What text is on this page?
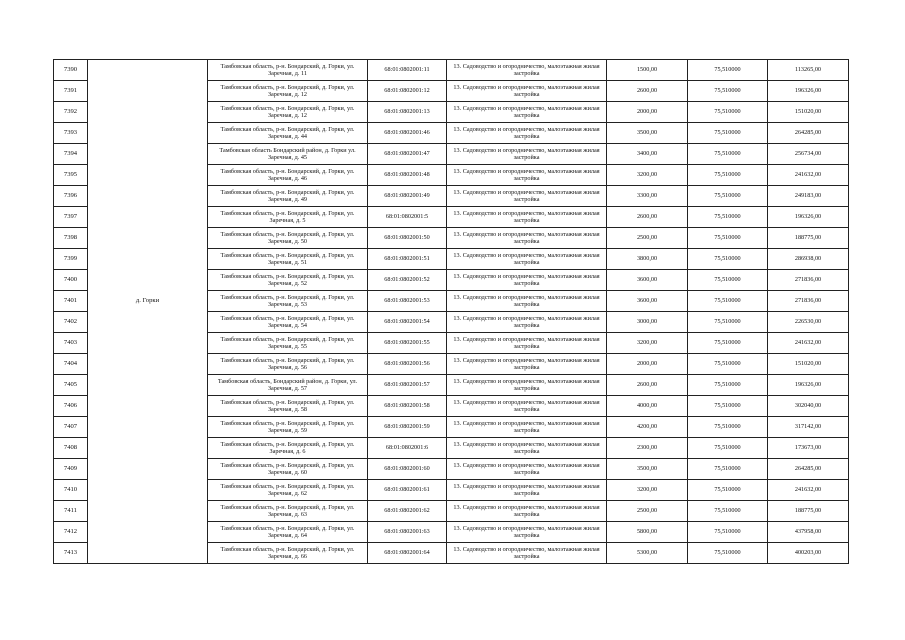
7390		Тамбовская область, р-н. Бондарский, д. Горки, ул. Заречная, д. 11	68:01:0802001:11	13. Садоводство и огородничество, малоэтажная жилая застройка	1500,00	75,510000	113265,00
7391		Тамбовская область, р-н. Бондарский, д. Горки, ул. Заречная, д. 12	68:01:0802001:12	13. Садоводство и огородничество, малоэтажная жилая застройка	2600,00	75,510000	196326,00
7392		Тамбовская область, р-н. Бондарский, д. Горки, ул. Заречная, д. 12	68:01:0802001:13	13. Садоводство и огородничество, малоэтажная жилая застройка	2000,00	75,510000	151020,00
7393		Тамбовская область, р-н. Бондарский, д. Горки, ул. Заречная, д. 44	68:01:0802001:46	13. Садоводство и огородничество, малоэтажная жилая застройка	3500,00	75,510000	264285,00
7394		Тамбовская область Бондарский район, д. Горки ул. Заречная, д. 45	68:01:0802001:47	13. Садоводство и огородничество, малоэтажная жилая застройка	3400,00	75,510000	256734,00
7395		Тамбовская область, р-н. Бондарский, д. Горки, ул. Заречная, д. 46	68:01:0802001:48	13. Садоводство и огородничество, малоэтажная жилая застройка	3200,00	75,510000	241632,00
7396		Тамбовская область, р-н. Бондарский, д. Горки, ул. Заречная, д. 49	68:01:0802001:49	13. Садоводство и огородничество, малоэтажная жилая застройка	3300,00	75,510000	249183,00
7397		Тамбовская область, р-н. Бондарский, д. Горки, ул. Заречная, д. 5	68:01:0802001:5	13. Садоводство и огородничество, малоэтажная жилая застройка	2600,00	75,510000	196326,00
7398		Тамбовская область, р-н. Бондарский, д. Горки, ул. Заречная, д. 50	68:01:0802001:50	13. Садоводство и огородничество, малоэтажная жилая застройка	2500,00	75,510000	188775,00
7399		Тамбовская область, р-н. Бондарский, д. Горки, ул. Заречная, д. 51	68:01:0802001:51	13. Садоводство и огородничество, малоэтажная жилая застройка	3800,00	75,510000	286938,00
7400		Тамбовская область, р-н. Бондарский, д. Горки, ул. Заречная, д. 52	68:01:0802001:52	13. Садоводство и огородничество, малоэтажная жилая застройка	3600,00	75,510000	271836,00
7401	д. Горки	Тамбовская область, р-н. Бондарский, д. Горки, ул. Заречная, д. 53	68:01:0802001:53	13. Садоводство и огородничество, малоэтажная жилая застройка	3600,00	75,510000	271836,00
7402		Тамбовская область, р-н. Бондарский, д. Горки, ул. Заречная, д. 54	68:01:0802001:54	13. Садоводство и огородничество, малоэтажная жилая застройка	3000,00	75,510000	226530,00
7403		Тамбовская область, р-н. Бондарский, д. Горки, ул. Заречная, д. 55	68:01:0802001:55	13. Садоводство и огородничество, малоэтажная жилая застройка	3200,00	75,510000	241632,00
7404		Тамбовская область, р-н. Бондарский, д. Горки, ул. Заречная, д. 56	68:01:0802001:56	13. Садоводство и огородничество, малоэтажная жилая застройка	2000,00	75,510000	151020,00
7405		Тамбовская область, Бондарский район, д. Горки, ул. Заречная, д. 57	68:01:0802001:57	13. Садоводство и огородничество, малоэтажная жилая застройка	2600,00	75,510000	196326,00
7406		Тамбовская область, р-н. Бондарский, д. Горки, ул. Заречная, д. 58	68:01:0802001:58	13. Садоводство и огородничество, малоэтажная жилая застройка	4000,00	75,510000	302040,00
7407		Тамбовская область, р-н. Бондарский, д. Горки, ул. Заречная, д. 59	68:01:0802001:59	13. Садоводство и огородничество, малоэтажная жилая застройка	4200,00	75,510000	317142,00
7408		Тамбовская область, р-н. Бондарский, д. Горки, ул. Заречная, д. 6	68:01:0802001:6	13. Садоводство и огородничество, малоэтажная жилая застройка	2300,00	75,510000	173673,00
7409		Тамбовская область, р-н. Бондарский, д. Горки, ул. Заречная, д. 60	68:01:0802001:60	13. Садоводство и огородничество, малоэтажная жилая застройка	3500,00	75,510000	264285,00
7410		Тамбовская область, р-н. Бондарский, д. Горки, ул. Заречная, д. 62	68:01:0802001:61	13. Садоводство и огородничество, малоэтажная жилая застройка	3200,00	75,510000	241632,00
7411		Тамбовская область, р-н. Бондарский, д. Горки, ул. Заречная, д. 63	68:01:0802001:62	13. Садоводство и огородничество, малоэтажная жилая застройка	2500,00	75,510000	188775,00
7412		Тамбовская область, р-н. Бондарский, д. Горки, ул. Заречная, д. 64	68:01:0802001:63	13. Садоводство и огородничество, малоэтажная жилая застройка	5800,00	75,510000	437958,00
7413		Тамбовская область, р-н. Бондарский, д. Горки, ул. Заречная, д. 66	68:01:0802001:64	13. Садоводство и огородничество, малоэтажная жилая застройка	5300,00	75,510000	400203,00
